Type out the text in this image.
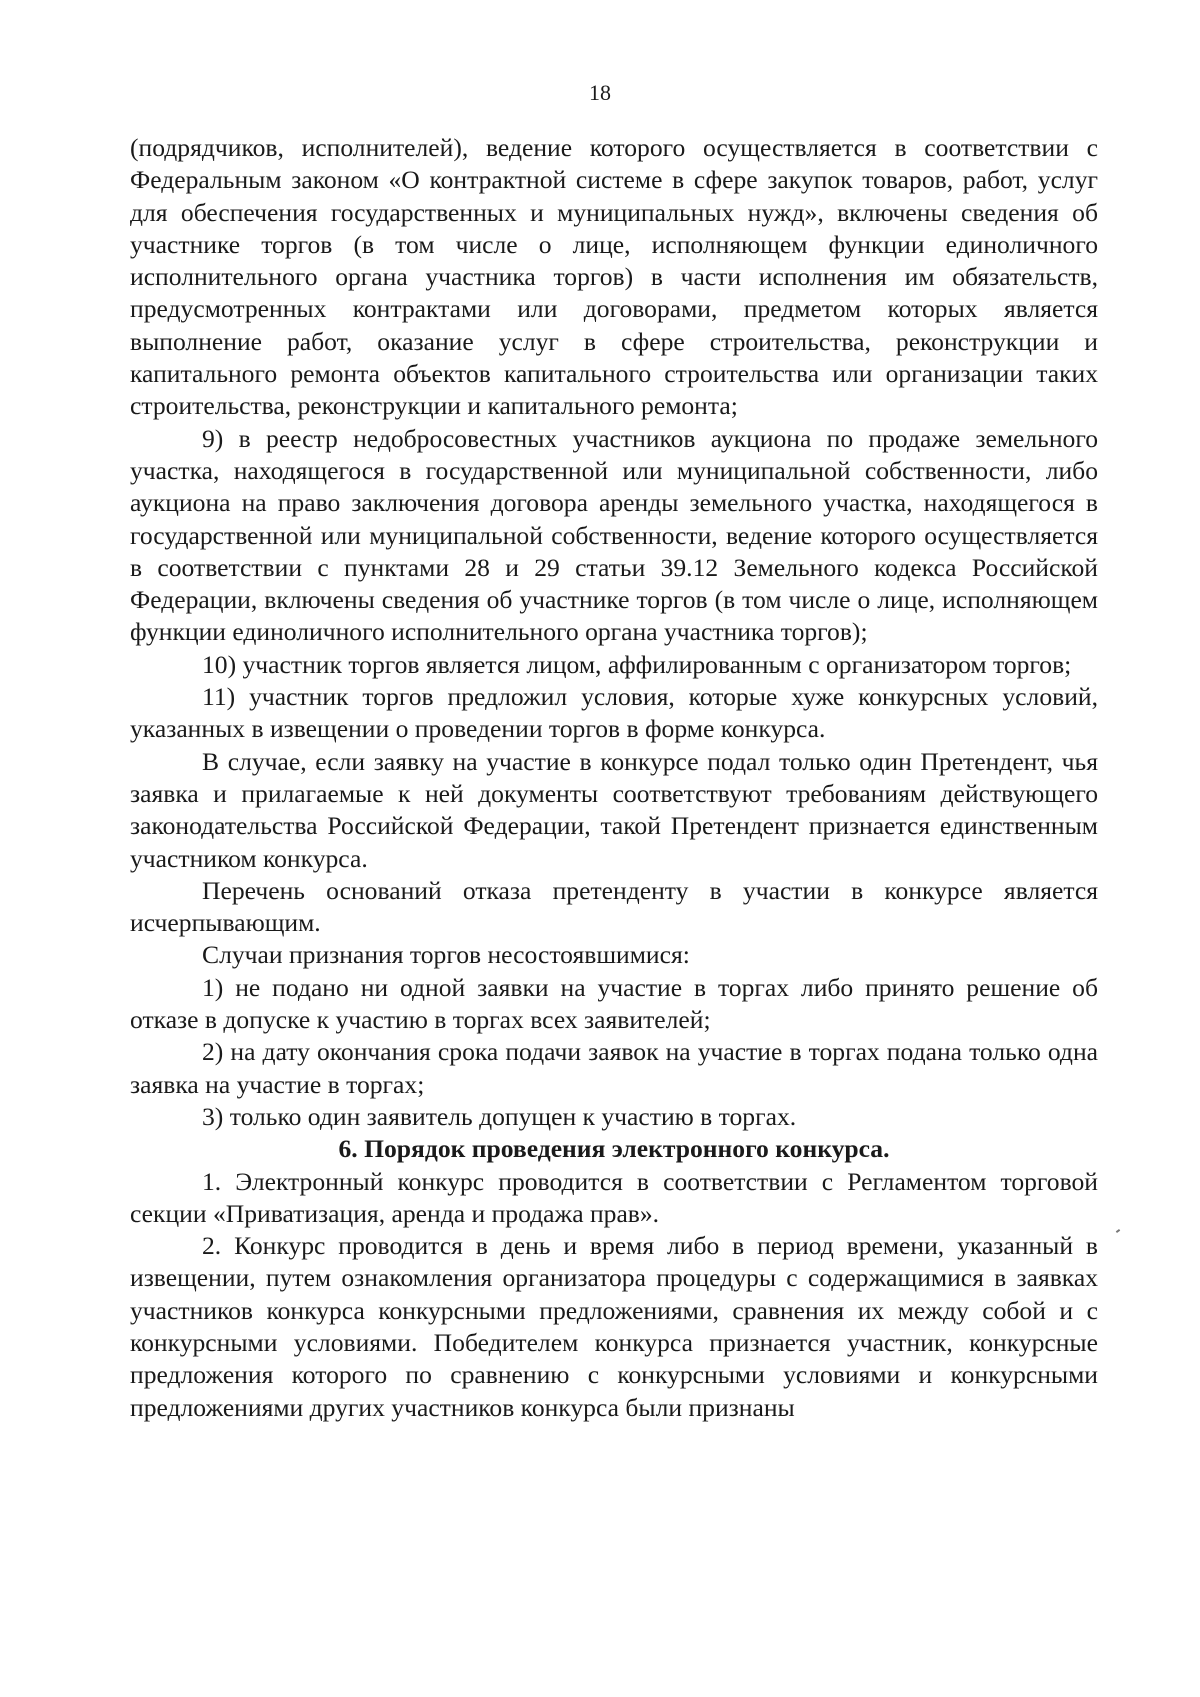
18

(подрядчиков, исполнителей), ведение которого осуществляется в соответствии с Федеральным законом «О контрактной системе в сфере закупок товаров, работ, услуг для обеспечения государственных и муниципальных нужд», включены сведения об участнике торгов (в том числе о лице, исполняющем функции единоличного исполнительного органа участника торгов) в части исполнения им обязательств, предусмотренных контрактами или договорами, предметом которых является выполнение работ, оказание услуг в сфере строительства, реконструкции и капитального ремонта объектов капитального строительства или организации таких строительства, реконструкции и капитального ремонта;

9) в реестр недобросовестных участников аукциона по продаже земельного участка, находящегося в государственной или муниципальной собственности, либо аукциона на право заключения договора аренды земельного участка, находящегося в государственной или муниципальной собственности, ведение которого осуществляется в соответствии с пунктами 28 и 29 статьи 39.12 Земельного кодекса Российской Федерации, включены сведения об участнике торгов (в том числе о лице, исполняющем функции единоличного исполнительного органа участника торгов);

10) участник торгов является лицом, аффилированным с организатором торгов;

11) участник торгов предложил условия, которые хуже конкурсных условий, указанных в извещении о проведении торгов в форме конкурса.

В случае, если заявку на участие в конкурсе подал только один Претендент, чья заявка и прилагаемые к ней документы соответствуют требованиям действующего законодательства Российской Федерации, такой Претендент признается единственным участником конкурса.

Перечень оснований отказа претенденту в участии в конкурсе является исчерпывающим.

Случаи признания торгов несостоявшимися:

1) не подано ни одной заявки на участие в торгах либо принято решение об отказе в допуске к участию в торгах всех заявителей;

2) на дату окончания срока подачи заявок на участие в торгах подана только одна заявка на участие в торгах;

3) только один заявитель допущен к участию в торгах.

6. Порядок проведения электронного конкурса.

1. Электронный конкурс проводится в соответствии с Регламентом торговой секции «Приватизация, аренда и продажа прав».

2. Конкурс проводится в день и время либо в период времени, указанный в извещении, путем ознакомления организатора процедуры с содержащимися в заявках участников конкурса конкурсными предложениями, сравнения их между собой и с конкурсными условиями. Победителем конкурса признается участник, конкурсные предложения которого по сравнению с конкурсными условиями и конкурсными предложениями других участников конкурса были признаны
